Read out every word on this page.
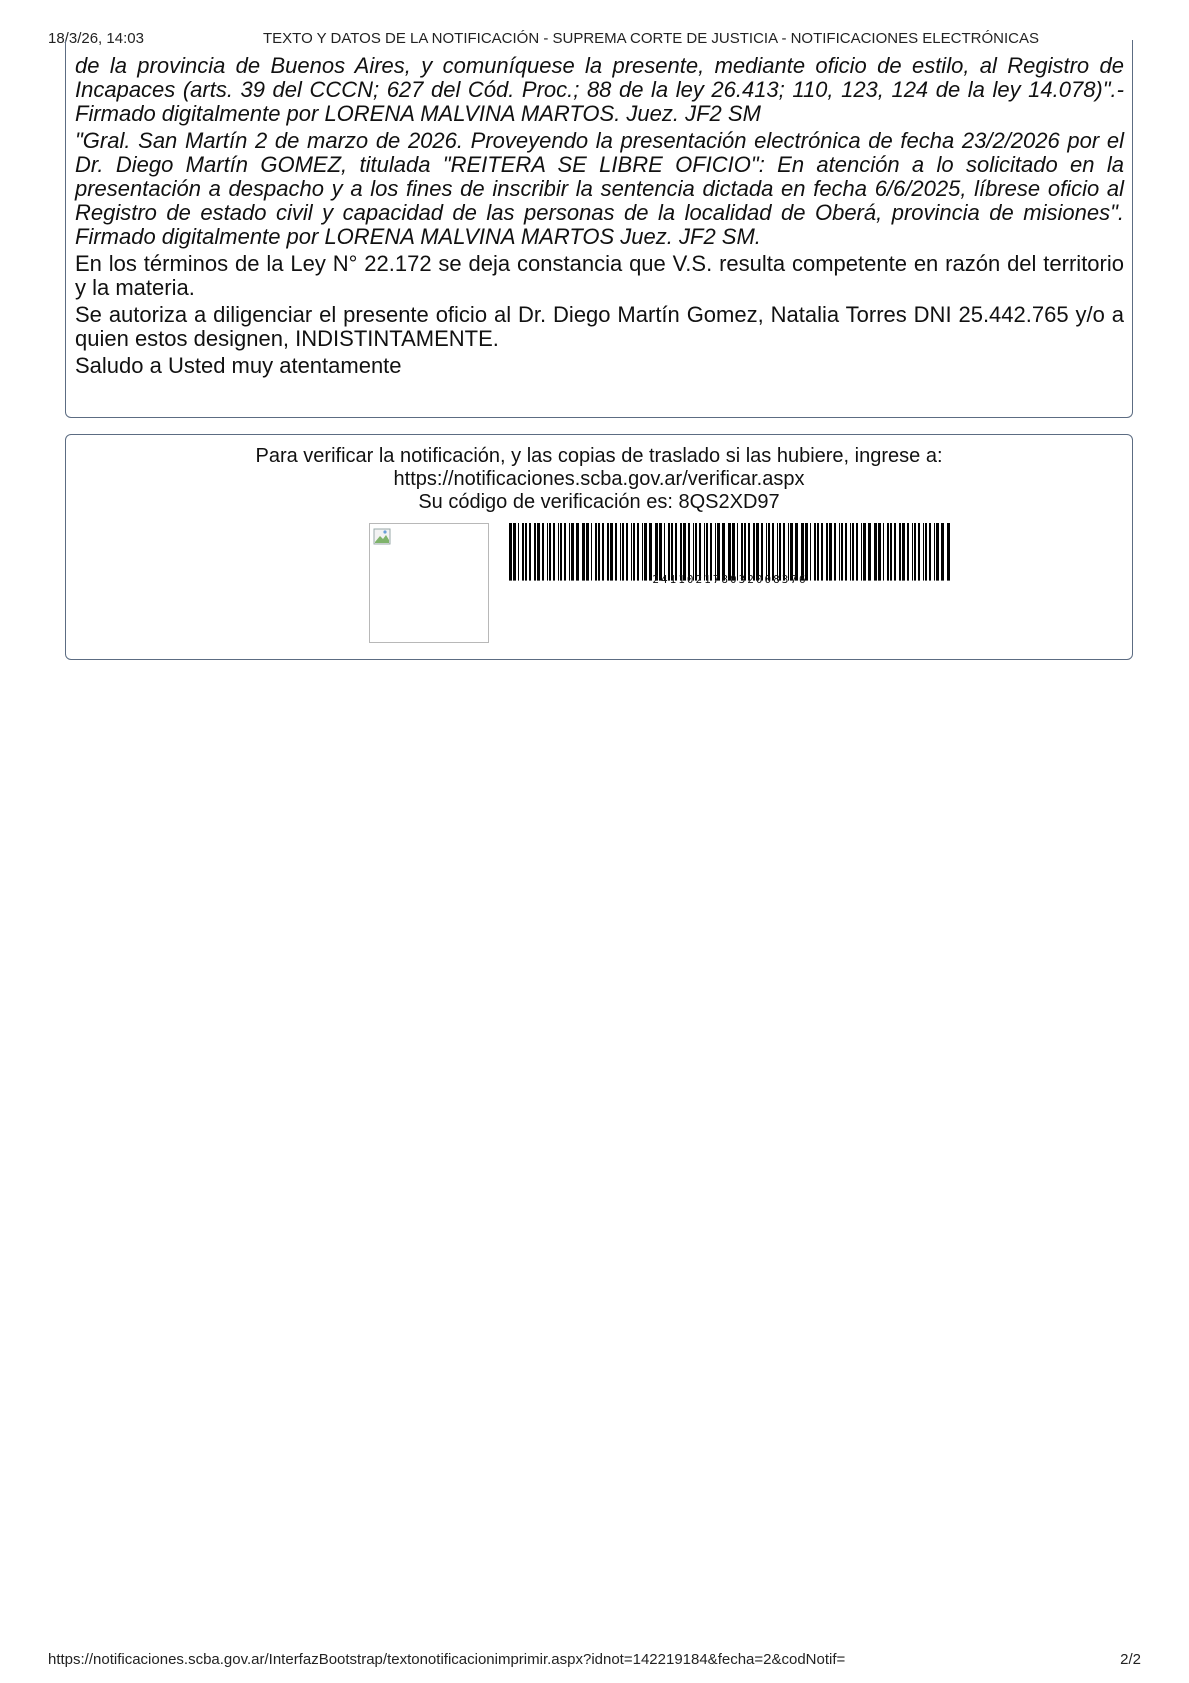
18/3/26, 14:03	TEXTO Y DATOS DE LA NOTIFICACIÓN - SUPREMA CORTE DE JUSTICIA - NOTIFICACIONES ELECTRÓNICAS

de la provincia de Buenos Aires, y comuníquese la presente, mediante oficio de estilo, al Registro de Incapaces (arts. 39 del CCCN; 627 del Cód. Proc.; 88 de la ley 26.413; 110, 123, 124 de la ley 14.078)".- Firmado digitalmente por LORENA MALVINA MARTOS. Juez. JF2 SM

"Gral. San Martín 2 de marzo de 2026. Proveyendo la presentación electrónica de fecha 23/2/2026 por el Dr. Diego Martín GOMEZ, titulada "REITERA SE LIBRE OFICIO": En atención a lo solicitado en la presentación a despacho y a los fines de inscribir la sentencia dictada en fecha 6/6/2025, líbrese oficio al Registro de estado civil y capacidad de las personas de la localidad de Oberá, provincia de misiones". Firmado digitalmente por LORENA MALVINA MARTOS Juez. JF2 SM.

En los términos de la Ley N° 22.172 se deja constancia que V.S. resulta competente en razón del territorio y la materia.

Se autoriza a diligenciar el presente oficio al Dr. Diego Martín Gomez, Natalia Torres DNI 25.442.765 y/o a quien estos designen, INDISTINTAMENTE.

Saludo a Usted muy atentamente

Para verificar la notificación, y las copias de traslado si las hubiere, ingrese a:

https://notificaciones.scba.gov.ar/verificar.aspx

Su código de verificación es: 8QS2XD97

241102178032008376
https://notificaciones.scba.gov.ar/InterfazBootstrap/textonotificacionimprimir.aspx?idnot=142219184&fecha=2&codNotif=	2/2
